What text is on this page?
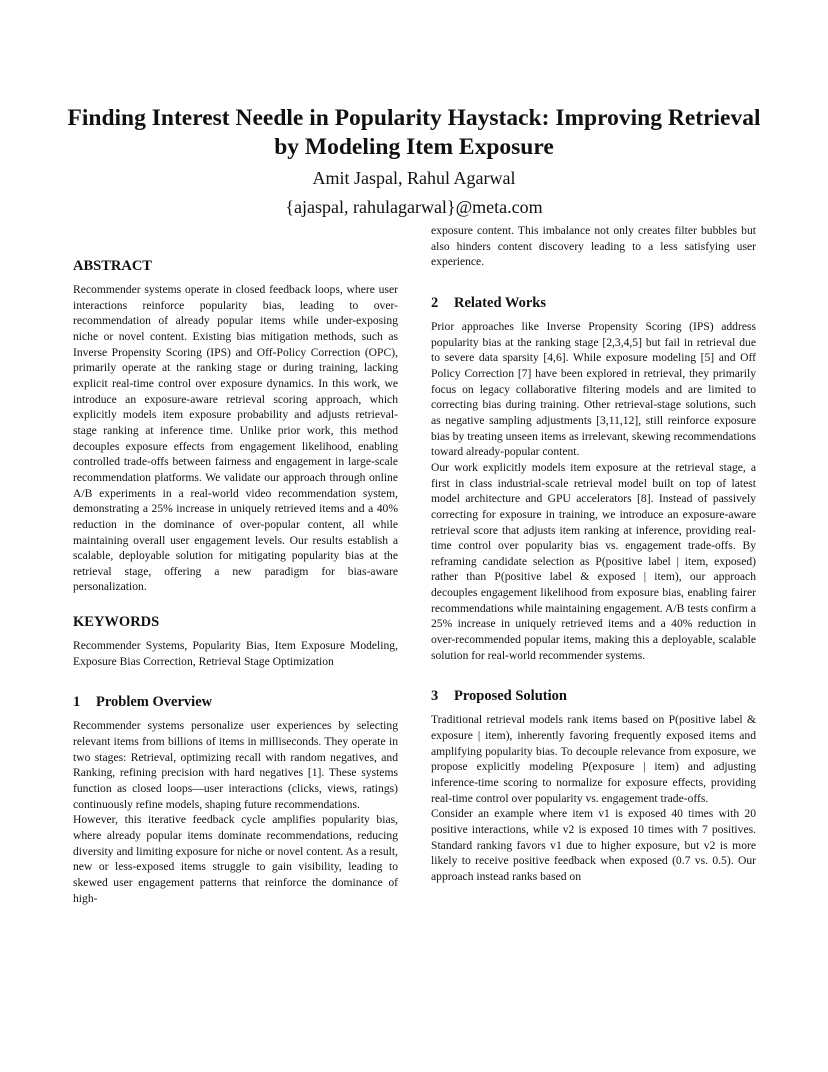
Finding Interest Needle in Popularity Haystack: Improving Retrieval by Modeling Item Exposure
Amit Jaspal, Rahul Agarwal
{ajaspal, rahulagarwal}@meta.com
ABSTRACT

Recommender systems operate in closed feedback loops, where user interactions reinforce popularity bias, leading to over-recommendation of already popular items while under-exposing niche or novel content. Existing bias mitigation methods, such as Inverse Propensity Scoring (IPS) and Off-Policy Correction (OPC), primarily operate at the ranking stage or during training, lacking explicit real-time control over exposure dynamics. In this work, we introduce an exposure-aware retrieval scoring approach, which explicitly models item exposure probability and adjusts retrieval-stage ranking at inference time. Unlike prior work, this method decouples exposure effects from engagement likelihood, enabling controlled trade-offs between fairness and engagement in large-scale recommendation platforms. We validate our approach through online A/B experiments in a real-world video recommendation system, demonstrating a 25% increase in uniquely retrieved items and a 40% reduction in the dominance of over-popular content, all while maintaining overall user engagement levels. Our results establish a scalable, deployable solution for mitigating popularity bias at the retrieval stage, offering a new paradigm for bias-aware personalization.

KEYWORDS

Recommender Systems, Popularity Bias, Item Exposure Modeling, Exposure Bias Correction, Retrieval Stage Optimization

1 Problem Overview

Recommender systems personalize user experiences by selecting relevant items from billions of items in milliseconds. They operate in two stages: Retrieval, optimizing recall with random negatives, and Ranking, refining precision with hard negatives [1]. These systems function as closed loops—user interactions (clicks, views, ratings) continuously refine models, shaping future recommendations.

However, this iterative feedback cycle amplifies popularity bias, where already popular items dominate recommendations, reducing diversity and limiting exposure for niche or novel content. As a result, new or less-exposed items struggle to gain visibility, leading to skewed user engagement patterns that reinforce the dominance of high-

exposure content. This imbalance not only creates filter bubbles but also hinders content discovery leading to a less satisfying user experience.

2 Related Works

Prior approaches like Inverse Propensity Scoring (IPS) address popularity bias at the ranking stage [2,3,4,5] but fail in retrieval due to severe data sparsity [4,6]. While exposure modeling [5] and Off Policy Correction [7] have been explored in retrieval, they primarily focus on legacy collaborative filtering models and are limited to correcting bias during training. Other retrieval-stage solutions, such as negative sampling adjustments [3,11,12], still reinforce exposure bias by treating unseen items as irrelevant, skewing recommendations toward already-popular content.

Our work explicitly models item exposure at the retrieval stage, a first in class industrial-scale retrieval model built on top of latest model architecture and GPU accelerators [8]. Instead of passively correcting for exposure in training, we introduce an exposure-aware retrieval score that adjusts item ranking at inference, providing real-time control over popularity bias vs. engagement trade-offs. By reframing candidate selection as P(positive label | item, exposed) rather than P(positive label & exposed | item), our approach decouples engagement likelihood from exposure bias, enabling fairer recommendations while maintaining engagement. A/B tests confirm a 25% increase in uniquely retrieved items and a 40% reduction in over-recommended popular items, making this a deployable, scalable solution for real-world recommender systems.

3 Proposed Solution

Traditional retrieval models rank items based on P(positive label & exposure | item), inherently favoring frequently exposed items and amplifying popularity bias. To decouple relevance from exposure, we propose explicitly modeling P(exposure | item) and adjusting inference-time scoring to normalize for exposure effects, providing real-time control over popularity vs. engagement trade-offs.

Consider an example where item v1 is exposed 40 times with 20 positive interactions, while v2 is exposed 10 times with 7 positives. Standard ranking favors v1 due to higher exposure, but v2 is more likely to receive positive feedback when exposed (0.7 vs. 0.5). Our approach instead ranks based on
